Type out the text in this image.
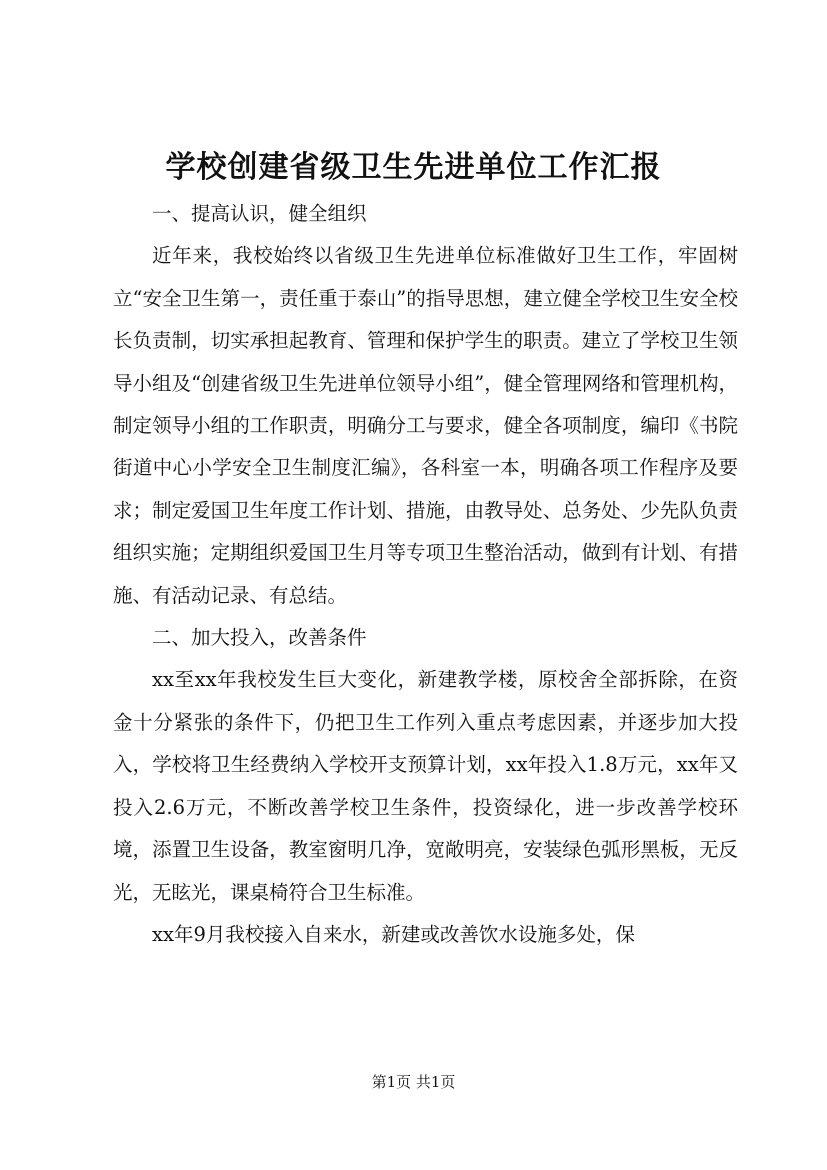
学校创建省级卫生先进单位工作汇报

一、提高认识，健全组织

近年来，我校始终以省级卫生先进单位标准做好卫生工作，牢固树立“安全卫生第一，责任重于泰山”的指导思想，建立健全学校卫生安全校长负责制，切实承担起教育、管理和保护学生的职责。建立了学校卫生领导小组及“创建省级卫生先进单位领导小组”，健全管理网络和管理机构，制定领导小组的工作职责，明确分工与要求，健全各项制度，编印《书院街道中心小学安全卫生制度汇编》，各科室一本，明确各项工作程序及要求；制定爱国卫生年度工作计划、措施，由教导处、总务处、少先队负责组织实施；定期组织爱国卫生月等专项卫生整治活动，做到有计划、有措施、有活动记录、有总结。

二、加大投入，改善条件

xx至xx年我校发生巨大变化，新建教学楼，原校舍全部拆除，在资金十分紧张的条件下，仍把卫生工作列入重点考虑因素，并逐步加大投入，学校将卫生经费纳入学校开支预算计划，xx年投入1.8万元，xx年又投入2.6万元，不断改善学校卫生条件，投资绿化，进一步改善学校环境，添置卫生设备，教室窗明几净，宽敞明亮，安装绿色弧形黑板，无反光，无眩光，课桌椅符合卫生标准。

xx年9月我校接入自来水，新建或改善饮水设施多处，保

第1页 共1页
